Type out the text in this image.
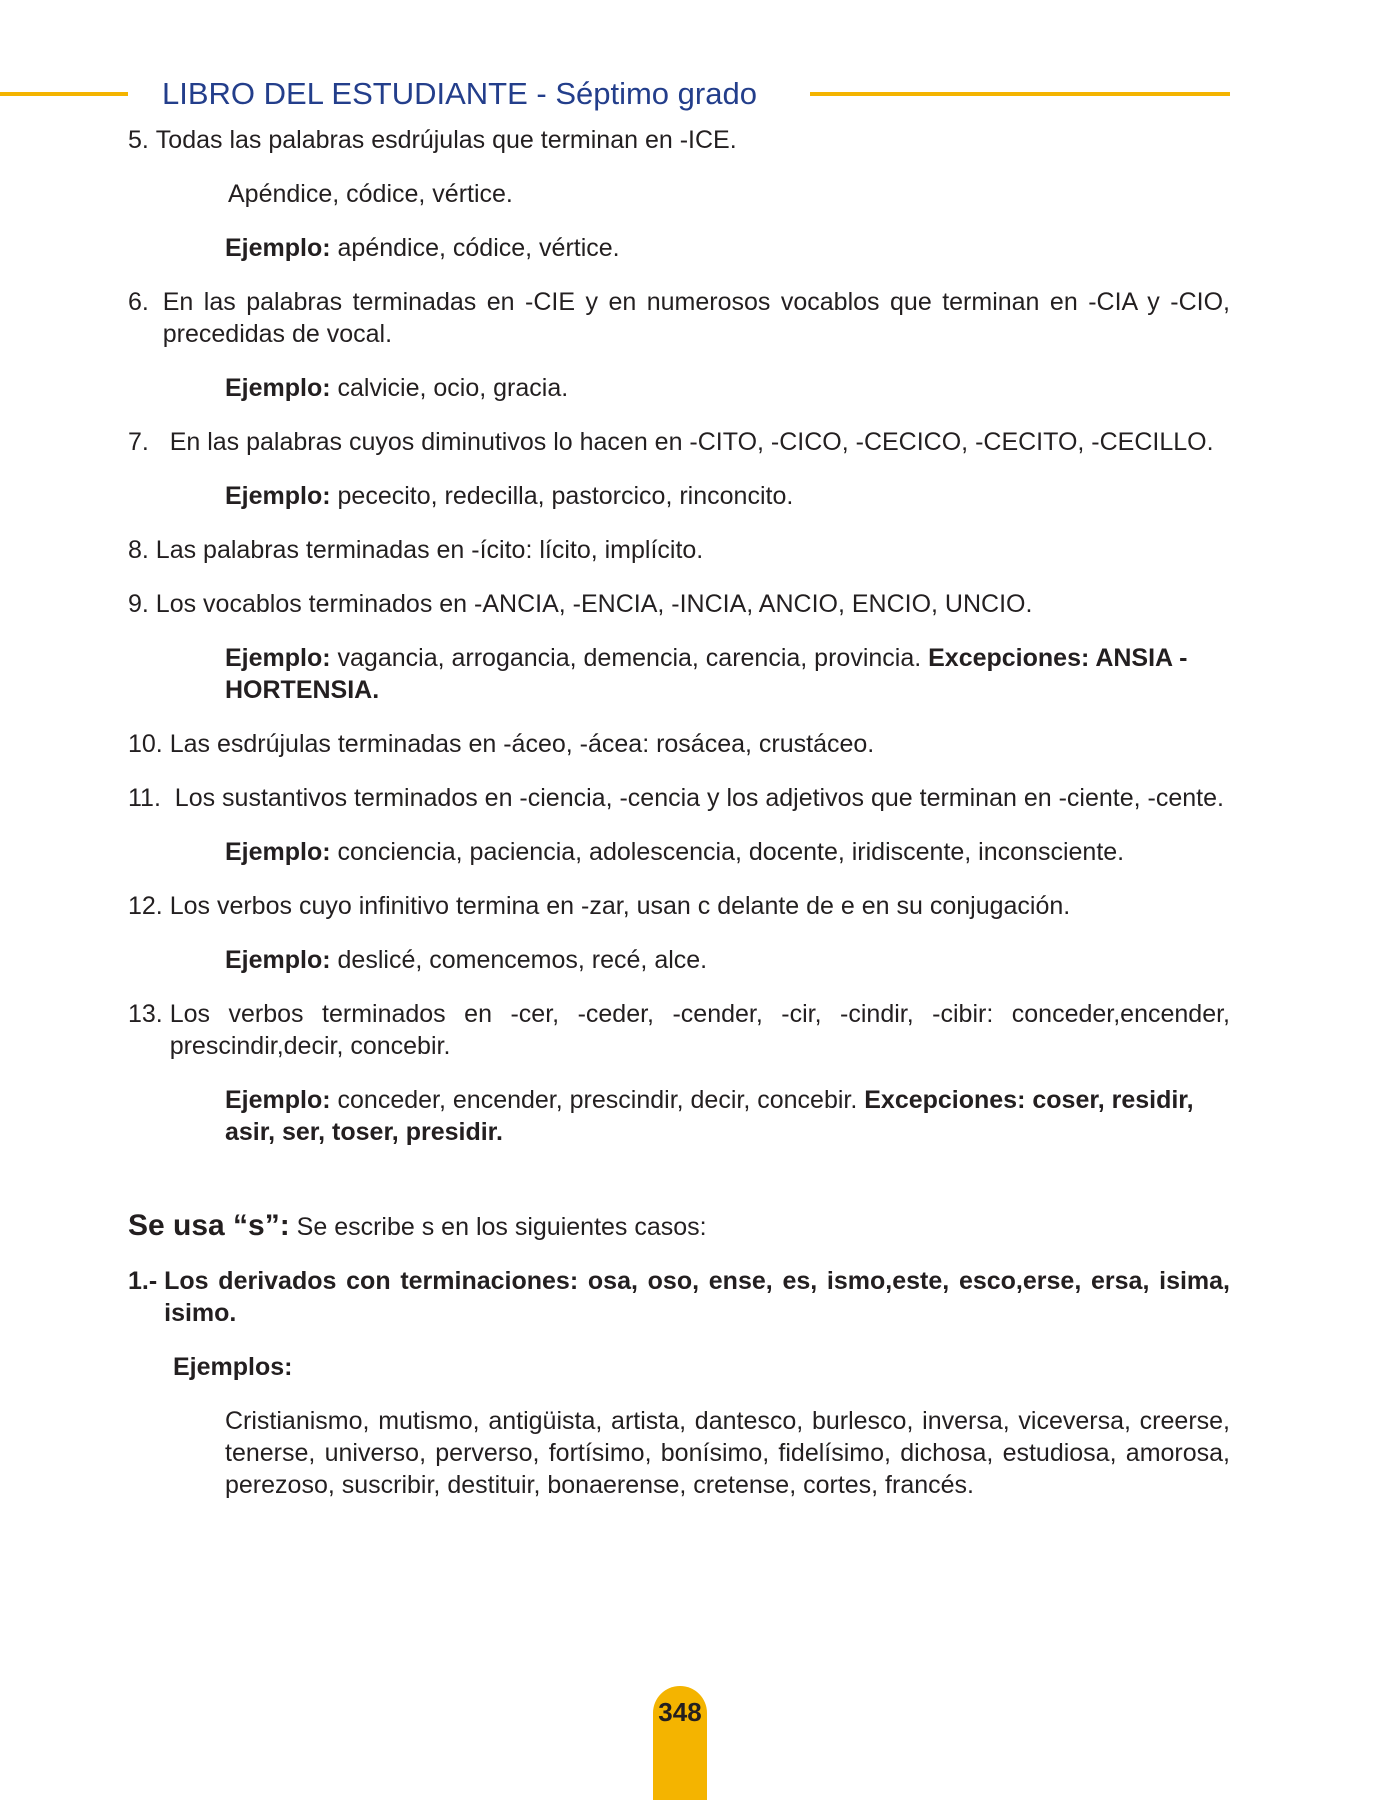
LIBRO DEL ESTUDIANTE - Séptimo grado
5. Todas las palabras esdrújulas que terminan en -ICE.

Apéndice, códice, vértice.

Ejemplo: apéndice, códice, vértice.

6. En las palabras terminadas en -CIE y en numerosos vocablos que terminan en -CIA y -CIO, precedidas de vocal.

Ejemplo: calvicie, ocio, gracia.

7. En las palabras cuyos diminutivos lo hacen en -CITO, -CICO, -CECICO, -CECITO, -CECILLO.

Ejemplo: pececito, redecilla, pastorcico, rinconcito.

8. Las palabras terminadas en -ícito: lícito, implícito.
9. Los vocablos terminados en -ANCIA, -ENCIA, -INCIA, ANCIO, ENCIO, UNCIO.

Ejemplo: vagancia, arrogancia, demencia, carencia, provincia. Excepciones: ANSIA - HORTENSIA.

10. Las esdrújulas terminadas en -áceo, -ácea: rosácea, crustáceo.
11. Los sustantivos terminados en -ciencia, -cencia y los adjetivos que terminan en -ciente, -cente.

Ejemplo: conciencia, paciencia, adolescencia, docente, iridiscente, inconsciente.

12. Los verbos cuyo infinitivo termina en -zar, usan c delante de e en su conjugación.

Ejemplo: deslicé, comencemos, recé, alce.

13. Los verbos terminados en -cer, -ceder, -cender, -cir, -cindir, -cibir: conceder,encender, prescindir,decir, concebir.

Ejemplo: conceder, encender, prescindir, decir, concebir. Excepciones: coser, residir, asir, ser, toser, presidir.

Se usa “s”: Se escribe s en los siguientes casos:

1.- Los derivados con terminaciones: osa, oso, ense, es, ismo,este, esco,erse, ersa, isima, isimo.

Ejemplos:

Cristianismo, mutismo, antigüista, artista, dantesco, burlesco, inversa, viceversa, creerse, tenerse, universo, perverso, fortísimo, bonísimo, fidelísimo, dichosa, estudiosa, amorosa, perezoso, suscribir, destituir, bonaerense, cretense, cortes, francés.

348
